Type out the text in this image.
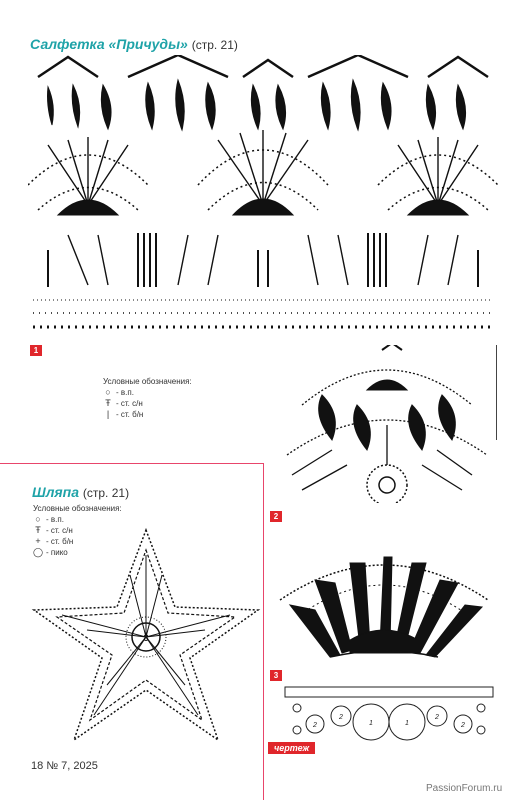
Салфетка «Причуды» (стр. 21)
1
Условные обозначения:
○ - в.п.
Ŧ - ст. с/н
| - ст. б/н
2
Шляпа (стр. 21)
Условные обозначения:
○ - в.п.
Ŧ - ст. с/н
+ - ст. б/н
◯ - пико
8
3
1	1
2	2
2	2
чертеж
18 № 7, 2025
PassionForum.ru
